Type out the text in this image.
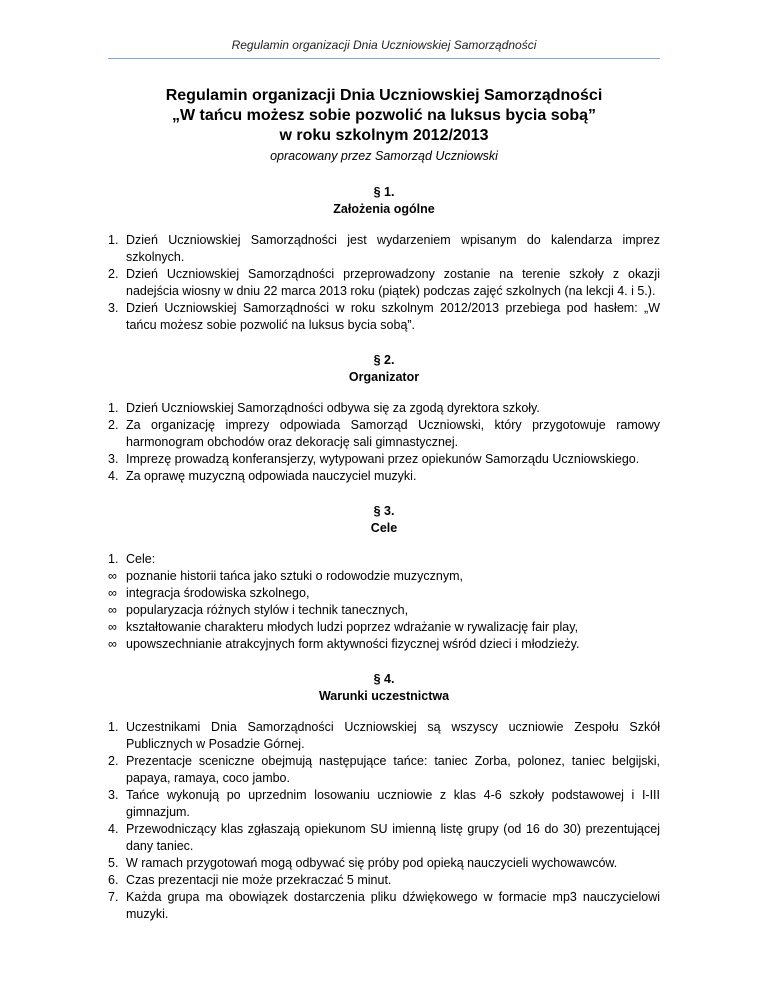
Regulamin organizacji Dnia Uczniowskiej Samorządności
Regulamin organizacji Dnia Uczniowskiej Samorządności
„W tańcu możesz sobie pozwolić na luksus bycia sobą”
w roku szkolnym 2012/2013
opracowany przez Samorząd Uczniowski
§ 1.
Założenia ogólne
1. Dzień Uczniowskiej Samorządności jest wydarzeniem wpisanym do kalendarza imprez szkolnych.
2. Dzień Uczniowskiej Samorządności przeprowadzony zostanie na terenie szkoły z okazji nadejścia wiosny w dniu 22 marca 2013 roku (piątek) podczas zajęć szkolnych (na lekcji 4. i 5.).
3. Dzień Uczniowskiej Samorządności w roku szkolnym 2012/2013 przebiega pod hasłem: „W tańcu możesz sobie pozwolić na luksus bycia sobą”.
§ 2.
Organizator
1. Dzień Uczniowskiej Samorządności odbywa się za zgodą dyrektora szkoły.
2. Za organizację imprezy odpowiada Samorząd Uczniowski, który przygotowuje ramowy harmonogram obchodów oraz dekorację sali gimnastycznej.
3. Imprezę prowadzą konferansjerzy, wytypowani przez opiekunów Samorządu Uczniowskiego.
4. Za oprawę muzyczną odpowiada nauczyciel muzyki.
§ 3.
Cele
1. Cele:
∞ poznanie historii tańca jako sztuki o rodowodzie muzycznym,
∞ integracja środowiska szkolnego,
∞ popularyzacja różnych stylów i technik tanecznych,
∞ kształtowanie charakteru młodych ludzi poprzez wdrażanie w rywalizację fair play,
∞ upowszechnianie atrakcyjnych form aktywności fizycznej wśród dzieci i młodzieży.
§ 4.
Warunki uczestnictwa
1. Uczestnikami Dnia Samorządności Uczniowskiej są wszyscy uczniowie Zespołu Szkół Publicznych w Posadzie Górnej.
2. Prezentacje sceniczne obejmują następujące tańce: taniec Zorba, polonez, taniec belgijski, papaya, ramaya, coco jambo.
3. Tańce wykonują po uprzednim losowaniu uczniowie z klas 4-6 szkoły podstawowej i I-III gimnazjum.
4. Przewodniczący klas zgłaszają opiekunom SU imienną listę grupy (od 16 do 30) prezentującej dany taniec.
5. W ramach przygotowań mogą odbywać się próby pod opieką nauczycieli wychowawców.
6. Czas prezentacji nie może przekraczać 5 minut.
7. Każda grupa ma obowiązek dostarczenia pliku dźwiękowego w formacie mp3 nauczycielowi muzyki.
